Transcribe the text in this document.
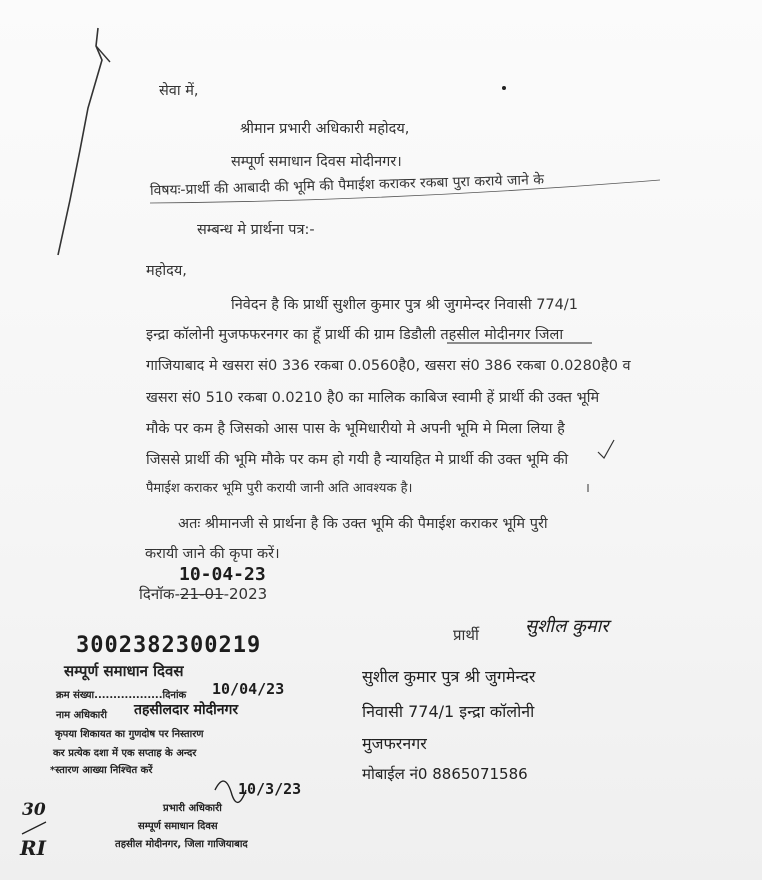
सेवा में,
श्रीमान प्रभारी अधिकारी महोदय,
सम्पूर्ण समाधान दिवस मोदीनगर।
विषयः-प्रार्थी की आबादी की भूमि की पैमाईश कराकर रकबा पुरा कराये जाने के
सम्बन्ध मे प्रार्थना पत्र:-
महोदय,
निवेदन है कि प्रार्थी सुशील कुमार पुत्र श्री जुगमेन्दर निवासी 774/1
इन्द्रा कॉलोनी मुजफफरनगर का हूँ प्रार्थी की ग्राम डिडौली तहसील मोदीनगर जिला
गाजियाबाद मे खसरा सं0 336 रकबा 0.0560है0, खसरा सं0 386 रकबा 0.0280है0 व
खसरा सं0 510 रकबा 0.0210 है0 का मालिक काबिज स्वामी हें प्रार्थी की उक्त भूमि
मौके पर कम है जिसको आस पास के भूमिधारीयो मे अपनी भूमि मे मिला लिया है
जिससे प्रार्थी की भूमि मौके पर कम हो गयी है न्यायहित मे प्रार्थी की उक्त भूमि की
पैमाईश कराकर भूमि पुरी करायी जानी अति आवश्यक है।
अतः श्रीमानजी से प्रार्थना है कि उक्त भूमि की पैमाईश कराकर भूमि पुरी
करायी जाने की कृपा करें।
10-04-23
दिनॉक-21-01-2023
प्रार्थी	सुशील कुमार
सुशील कुमार पुत्र श्री जुगमेन्दर
निवासी 774/1 इन्द्रा कॉलोनी
मुजफरनगर
मोबाईल नं0 8865071586
3002382300219
सम्पूर्ण समाधान दिवस
क्रम संख्या..................दिनांक 10/04/23
नाम अधिकारी तहसीलदार मोदीनगर
कृपया शिकायत का गुणदोष पर निस्तारण
कर प्रत्येक दशा में एक सप्ताह के अन्दर
*स्तारण आख्या निश्चित करें
10/3/23
प्रभारी अधिकारी
सम्पूर्ण समाधान दिवस
तहसील मोदीनगर, जिला गाजियाबाद
30
RI
